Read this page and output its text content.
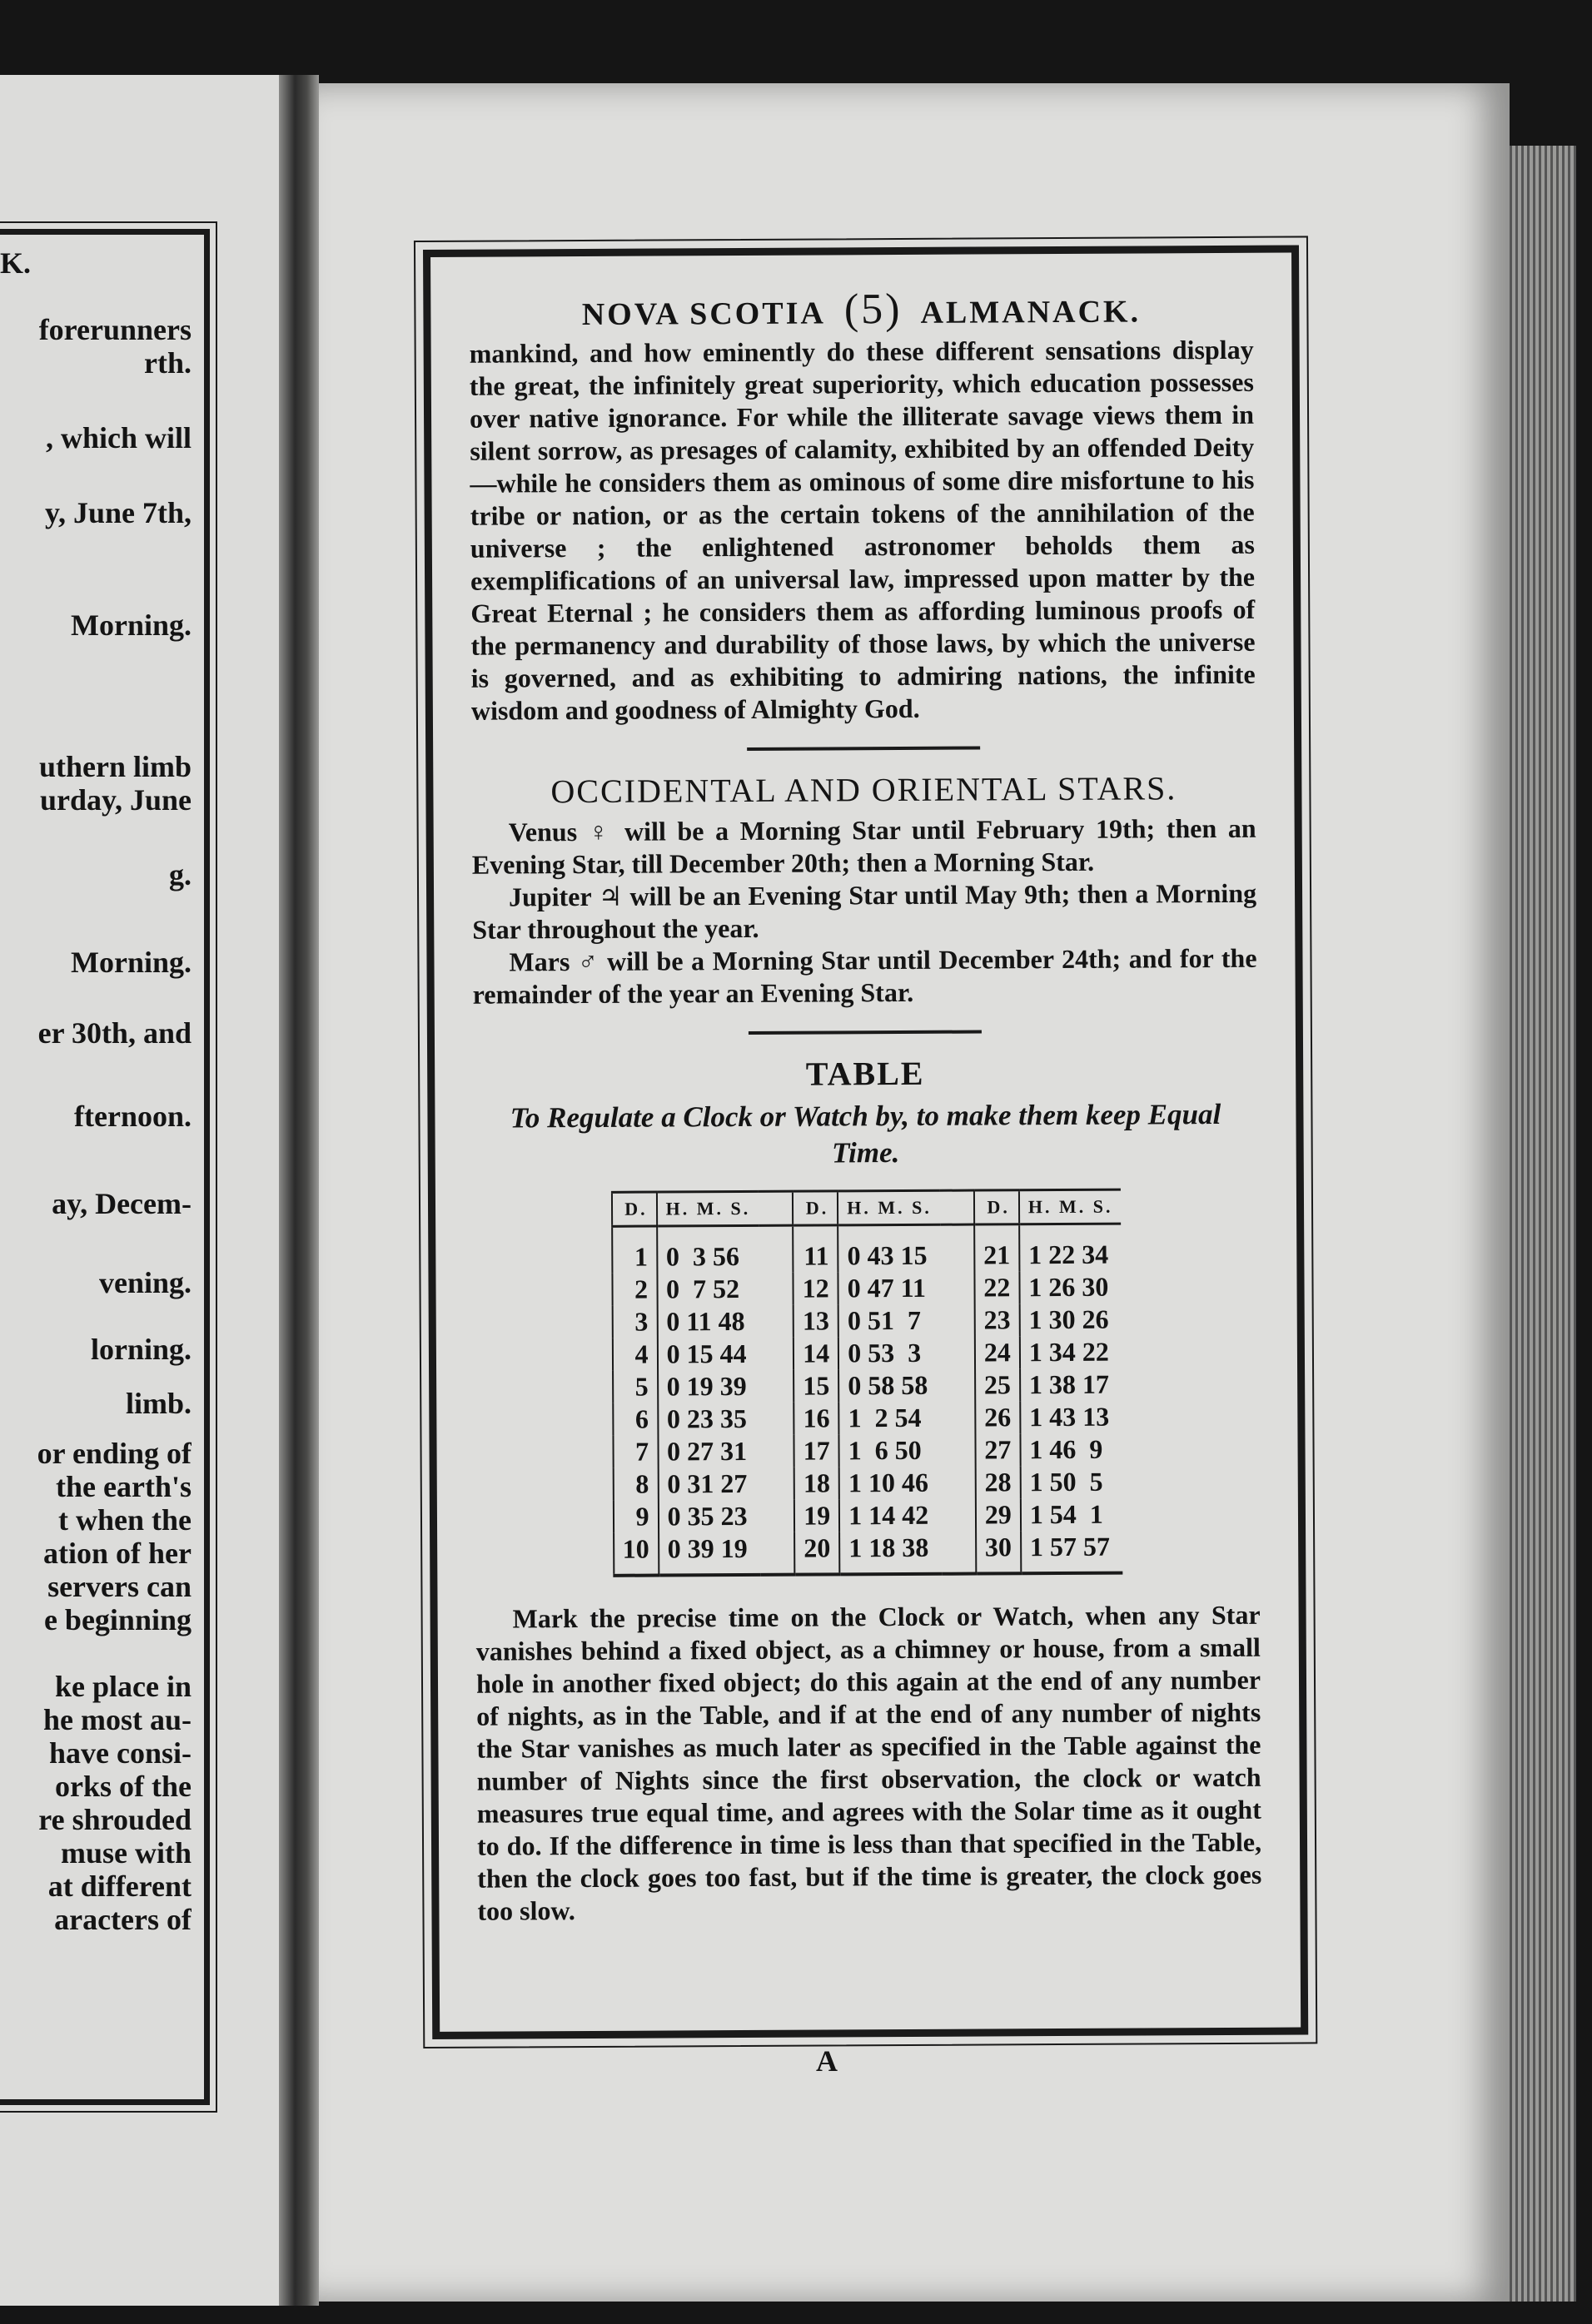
K.
forerunners
rth.
, which will
y, June 7th,
Morning.
uthern limb
urday, June
g.
Morning.
er 30th, and
fternoon.
ay, Decem-
vening.
lorning.
limb.
or ending of
the earth's
t when the
ation of her
servers can
e beginning
ke place in
he most au-
have consi-
orks of the
re shrouded
muse with
at different
aracters of
NOVA SCOTIA (5) ALMANACK.

mankind, and how eminently do these different sensations display the great, the infinitely great superiority, which education possesses over native ignorance. For while the illiterate savage views them in silent sorrow, as presages of calamity, exhibited by an offended Deity—while he considers them as ominous of some dire misfortune to his tribe or nation, or as the certain tokens of the annihilation of the universe ; the enlightened astronomer beholds them as exemplifications of an universal law, impressed upon matter by the Great Eternal ; he considers them as affording luminous proofs of the permanency and durability of those laws, by which the universe is governed, and as exhibiting to admiring nations, the infinite wisdom and goodness of Almighty God.

OCCIDENTAL AND ORIENTAL STARS.

Venus ♀ will be a Morning Star until February 19th; then an Evening Star, till December 20th; then a Morning Star.

Jupiter ♃ will be an Evening Star until May 9th; then a Morning Star throughout the year.

Mars ♂ will be a Morning Star until December 24th; and for the remainder of the year an Evening Star.

TABLE

To Regulate a Clock or Watch by, to make them keep Equal Time.

D.	H. M. S.		D.	H. M. S.		D.	H. M. S.
1	0  3 56		11	0 43 15		21	1 22 34
2	0  7 52		12	0 47 11		22	1 26 30
3	0 11 48		13	0 51  7		23	1 30 26
4	0 15 44		14	0 53  3		24	1 34 22
5	0 19 39		15	0 58 58		25	1 38 17
6	0 23 35		16	1  2 54		26	1 43 13
7	0 27 31		17	1  6 50		27	1 46  9
8	0 31 27		18	1 10 46		28	1 50  5
9	0 35 23		19	1 14 42		29	1 54  1
10	0 39 19		20	1 18 38		30	1 57 57

Mark the precise time on the Clock or Watch, when any Star vanishes behind a fixed object, as a chimney or house, from a small hole in another fixed object; do this again at the end of any number of nights, as in the Table, and if at the end of any number of nights the Star vanishes as much later as specified in the Table against the number of Nights since the first observation, the clock or watch measures true equal time, and agrees with the Solar time as it ought to do. If the difference in time is less than that specified in the Table, then the clock goes too fast, but if the time is greater, the clock goes too slow.

A
